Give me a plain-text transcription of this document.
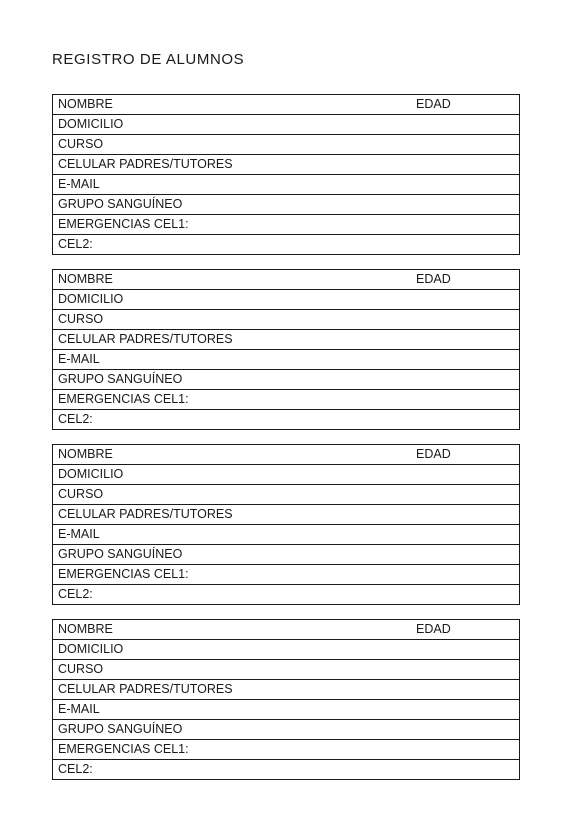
REGISTRO DE ALUMNOS
NOMBRE	EDAD
DOMICILIO
CURSO
CELULAR PADRES/TUTORES
E-MAIL
GRUPO SANGUÍNEO
EMERGENCIAS CEL1:
CEL2:
NOMBRE	EDAD
DOMICILIO
CURSO
CELULAR PADRES/TUTORES
E-MAIL
GRUPO SANGUÍNEO
EMERGENCIAS CEL1:
CEL2:
NOMBRE	EDAD
DOMICILIO
CURSO
CELULAR PADRES/TUTORES
E-MAIL
GRUPO SANGUÍNEO
EMERGENCIAS CEL1:
CEL2:
NOMBRE	EDAD
DOMICILIO
CURSO
CELULAR PADRES/TUTORES
E-MAIL
GRUPO SANGUÍNEO
EMERGENCIAS CEL1:
CEL2:
